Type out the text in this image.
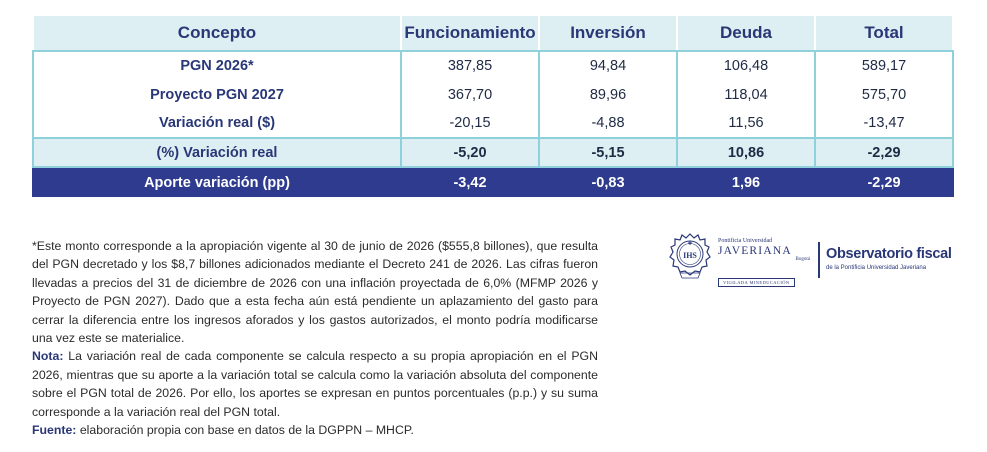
Concepto	Funcionamiento	Inversión	Deuda	Total
PGN 2026*	387,85	94,84	106,48	589,17
Proyecto PGN 2027	367,70	89,96	118,04	575,70
Variación real ($)	-20,15	-4,88	11,56	-13,47
(%) Variación real	-5,20	-5,15	10,86	-2,29
Aporte variación (pp)	-3,42	-0,83	1,96	-2,29

*Este monto corresponde a la apropiación vigente al 30 de junio de 2026 ($555,8 billones), que resulta del PGN decretado y los $8,7 billones adicionados mediante el Decreto 241 de 2026. Las cifras fueron llevadas a precios del 31 de diciembre de 2026 con una inflación proyectada de 6,0% (MFMP 2026 y Proyecto de PGN 2027). Dado que a esta fecha aún está pendiente un aplazamiento del gasto para cerrar la diferencia entre los ingresos aforados y los gastos autorizados, el monto podría modificarse una vez este se materialice.

Nota: La variación real de cada componente se calcula respecto a su propia apropiación en el PGN 2026, mientras que su aporte a la variación total se calcula como la variación absoluta del componente sobre el PGN total de 2026. Por ello, los aportes se expresan en puntos porcentuales (p.p.) y su suma corresponde a la variación real del PGN total.

Fuente: elaboración propia con base en datos de la DGPPN – MHCP.

IHS
Pontificia Universidad
JAVERIANA
Bogotá
VIGILADA MINEDUCACIÓN
Observatorio fiscal
de la Pontificia Universidad Javeriana
